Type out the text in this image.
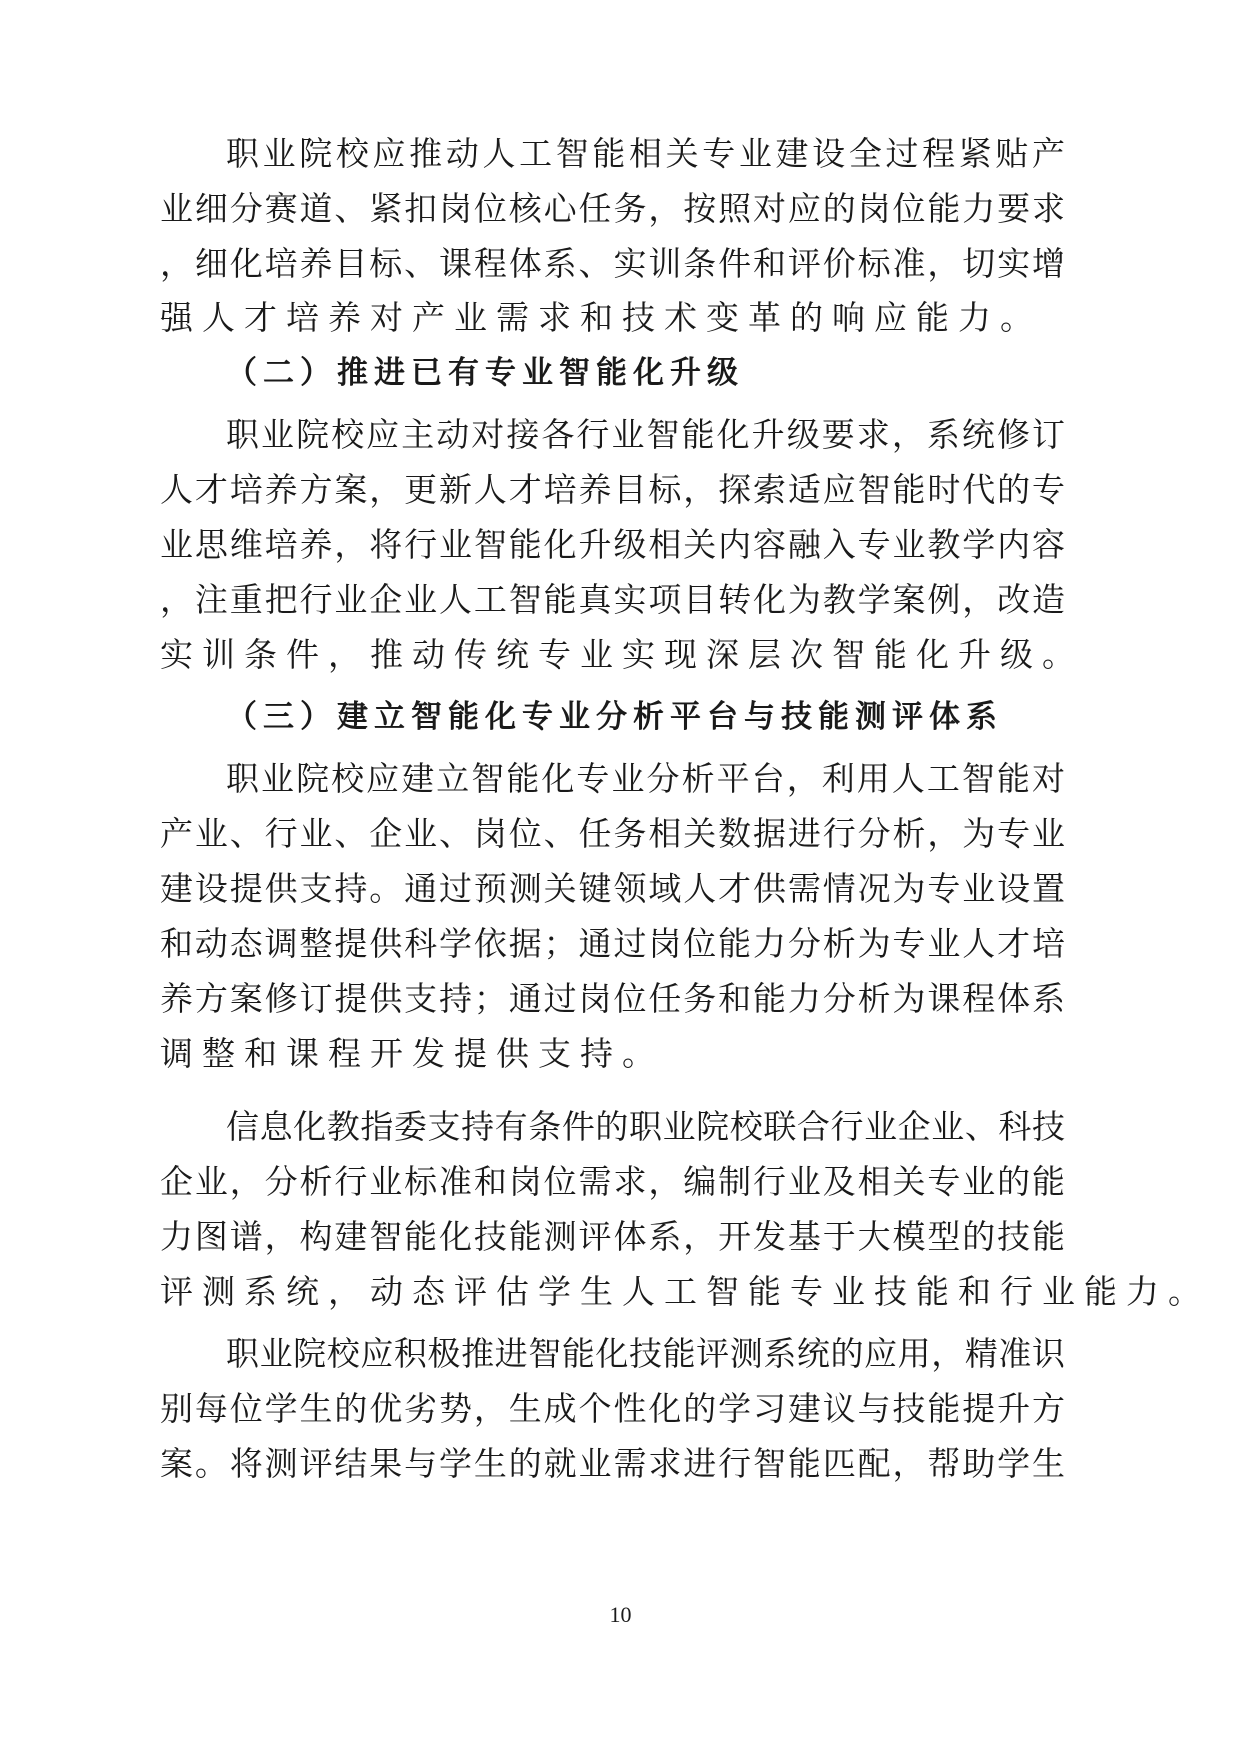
职业院校应推动人工智能相关专业建设全过程紧贴产

业细分赛道、紧扣岗位核心任务，按照对应的岗位能力要求

，细化培养目标、课程体系、实训条件和评价标准，切实增

强人才培养对产业需求和技术变革的响应能力。

（二）推进已有专业智能化升级

职业院校应主动对接各行业智能化升级要求，系统修订

人才培养方案，更新人才培养目标，探索适应智能时代的专

业思维培养，将行业智能化升级相关内容融入专业教学内容

，注重把行业企业人工智能真实项目转化为教学案例，改造

实训条件，推动传统专业实现深层次智能化升级。

（三）建立智能化专业分析平台与技能测评体系

职业院校应建立智能化专业分析平台，利用人工智能对

产业、行业、企业、岗位、任务相关数据进行分析，为专业

建设提供支持。通过预测关键领域人才供需情况为专业设置

和动态调整提供科学依据；通过岗位能力分析为专业人才培

养方案修订提供支持；通过岗位任务和能力分析为课程体系

调整和课程开发提供支持。

信息化教指委支持有条件的职业院校联合行业企业、科技

企业，分析行业标准和岗位需求，编制行业及相关专业的能

力图谱，构建智能化技能测评体系，开发基于大模型的技能

评测系统，动态评估学生人工智能专业技能和行业能力。

职业院校应积极推进智能化技能评测系统的应用，精准识

别每位学生的优劣势，生成个性化的学习建议与技能提升方

案。将测评结果与学生的就业需求进行智能匹配，帮助学生

10
